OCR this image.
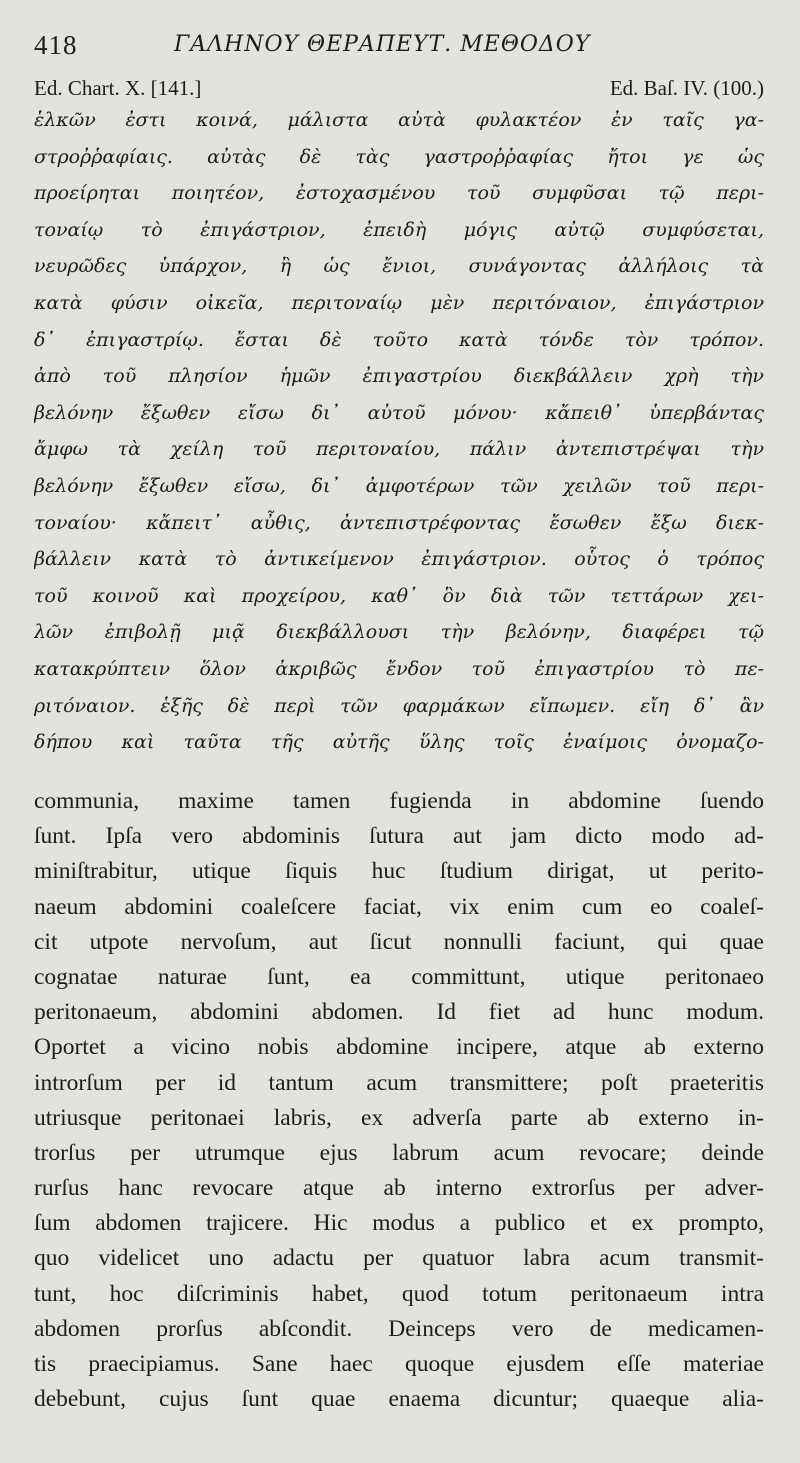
418	ΓΑΛΗΝΟΥ ΘΕΡΑΠΕΥΤ. ΜΕΘΟΔΟΥ
Ed. Chart. X. [141.]	Ed. Baſ. IV. (100.)
ἑλκῶν ἐστι κοινά, μάλιστα αὐτὰ φυλακτέον ἐν ταῖς γα-
στροῤῥαφίαις. αὐτὰς δὲ τὰς γαστροῤῥαφίας ἤτοι γε ὡς
προείρηται ποιητέον, ἐστοχασμένου τοῦ συμφῦσαι τῷ περι-
τοναίῳ τὸ ἐπιγάστριον, ἐπειδὴ μόγις αὐτῷ συμφύσεται,
νευρῶδες ὑπάρχον, ἢ ὡς ἔνιοι, συνάγοντας ἀλλήλοις τὰ
κατὰ φύσιν οἰκεῖα, περιτοναίῳ μὲν περιτόναιον, ἐπιγάστριον
δ᾽ ἐπιγαστρίῳ. ἔσται δὲ τοῦτο κατὰ τόνδε τὸν τρόπον.
ἀπὸ τοῦ πλησίον ἡμῶν ἐπιγαστρίου διεκβάλλειν χρὴ τὴν
βελόνην ἔξωθεν εἴσω δι᾽ αὐτοῦ μόνου· κἄπειθ᾽ ὑπερβάντας
ἄμφω τὰ χείλη τοῦ περιτοναίου, πάλιν ἀντεπιστρέψαι τὴν
βελόνην ἔξωθεν εἴσω, δι᾽ ἀμφοτέρων τῶν χειλῶν τοῦ περι-
τοναίου· κἄπειτ᾽ αὖθις, ἀντεπιστρέφοντας ἔσωθεν ἔξω διεκ-
βάλλειν κατὰ τὸ ἀντικείμενον ἐπιγάστριον. οὗτος ὁ τρόπος
τοῦ κοινοῦ καὶ προχείρου, καθ᾽ ὃν διὰ τῶν τεττάρων χει-
λῶν ἐπιβολῇ μιᾷ διεκβάλλουσι τὴν βελόνην, διαφέρει τῷ
κατακρύπτειν ὅλον ἀκριβῶς ἔνδον τοῦ ἐπιγαστρίου τὸ πε-
ριτόναιον. ἑξῆς δὲ περὶ τῶν φαρμάκων εἴπωμεν. εἴη δ᾽ ἂν
δήπου καὶ ταῦτα τῆς αὐτῆς ὕλης τοῖς ἐναίμοις ὀνομαζο-
communia, maxime tamen fugienda in abdomine ſuendo
ſunt. Ipſa vero abdominis ſutura aut jam dicto modo ad-
miniſtrabitur, utique ſiquis huc ſtudium dirigat, ut perito-
naeum abdomini coaleſcere faciat, vix enim cum eo coaleſ-
cit utpote nervoſum, aut ſicut nonnulli faciunt, qui quae
cognatae naturae ſunt, ea committunt, utique peritonaeo
peritonaeum, abdomini abdomen. Id fiet ad hunc modum.
Oportet a vicino nobis abdomine incipere, atque ab externo
introrſum per id tantum acum transmittere; poſt praeteritis
utriusque peritonaei labris, ex adverſa parte ab externo in-
trorſus per utrumque ejus labrum acum revocare; deinde
rurſus hanc revocare atque ab interno extrorſus per adver-
ſum abdomen trajicere. Hic modus a publico et ex prompto,
quo videlicet uno adactu per quatuor labra acum transmit-
tunt, hoc diſcriminis habet, quod totum peritonaeum intra
abdomen prorſus abſcondit. Deinceps vero de medicamen-
tis praecipiamus. Sane haec quoque ejusdem eſſe materiae
debebunt, cujus ſunt quae enaema dicuntur; quaeque alia-
